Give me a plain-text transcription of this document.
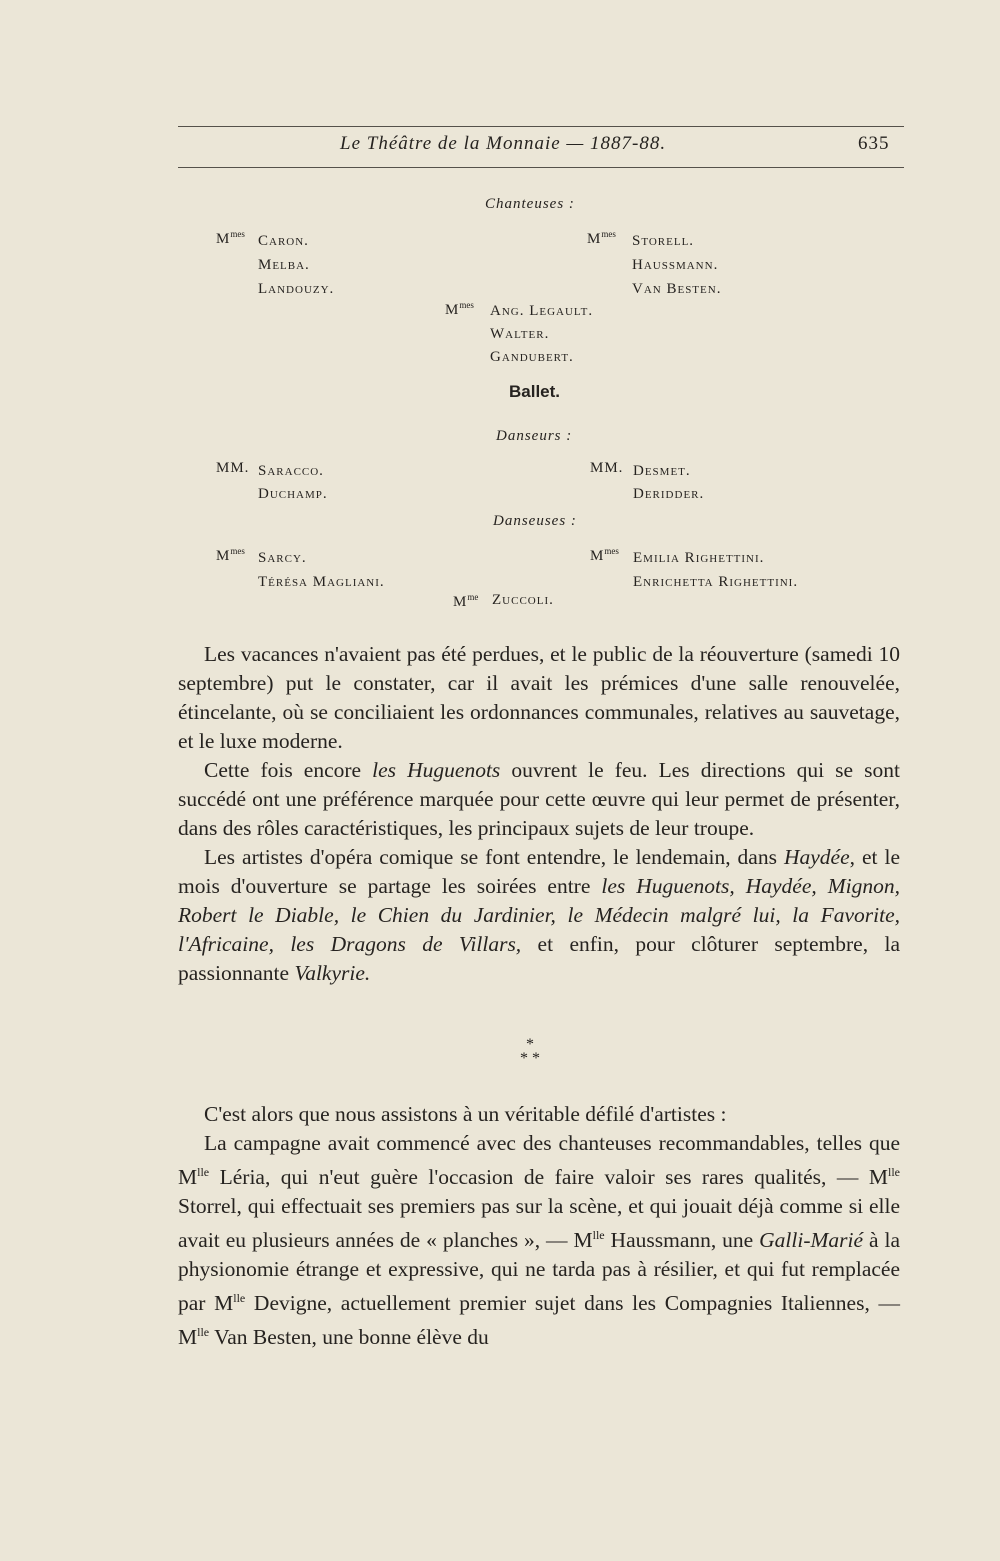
Le Théâtre de la Monnaie — 1887-88.	635
Chanteuses :
$M^{mes}$ Caron.
Melba.
Landouzy.
$M^{mes}$ Storell.
Haussmann.
Van Besten.
$M^{mes}$ Ang. Legault.
Walter.
Gandubert.
Ballet.
Danseurs :
MM. Saracco.
Duchamp.
MM. Desmet.
Deridder.
Danseuses :
$M^{mes}$ Sarcy.
Térésa Magliani.
$M^{mes}$ Emilia Righettini.
Enrichetta Righettini.
$M^{me}$ Zuccoli.

Les vacances n'avaient pas été perdues, et le public de la réouverture (samedi 10 septembre) put le constater, car il avait les prémices d'une salle renouvelée, étincelante, où se conciliaient les ordonnances communales, relatives au sauvetage, et le luxe moderne.

Cette fois encore les Huguenots ouvrent le feu. Les directions qui se sont succédé ont une préférence marquée pour cette œuvre qui leur permet de présenter, dans des rôles caractéristiques, les principaux sujets de leur troupe.

Les artistes d'opéra comique se font entendre, le lendemain, dans Haydée, et le mois d'ouverture se partage les soirées entre les Huguenots, Haydée, Mignon, Robert le Diable, le Chien du Jardinier, le Médecin malgré lui, la Favorite, l'Africaine, les Dragons de Villars, et enfin, pour clôturer septembre, la passionnante Valkyrie.

*
* *

C'est alors que nous assistons à un véritable défilé d'artistes :

La campagne avait commencé avec des chanteuses recommandables, telles que $M^{lle}$ Léria, qui n'eut guère l'occasion de faire valoir ses rares qualités, — $M^{lle}$ Storrel, qui effectuait ses premiers pas sur la scène, et qui jouait déjà comme si elle avait eu plusieurs années de « planches », — $M^{lle}$ Haussmann, une Galli-Marié à la physionomie étrange et expressive, qui ne tarda pas à résilier, et qui fut remplacée par $M^{lle}$ Devigne, actuellement premier sujet dans les Compagnies Italiennes, — $M^{lle}$ Van Besten, une bonne élève du
